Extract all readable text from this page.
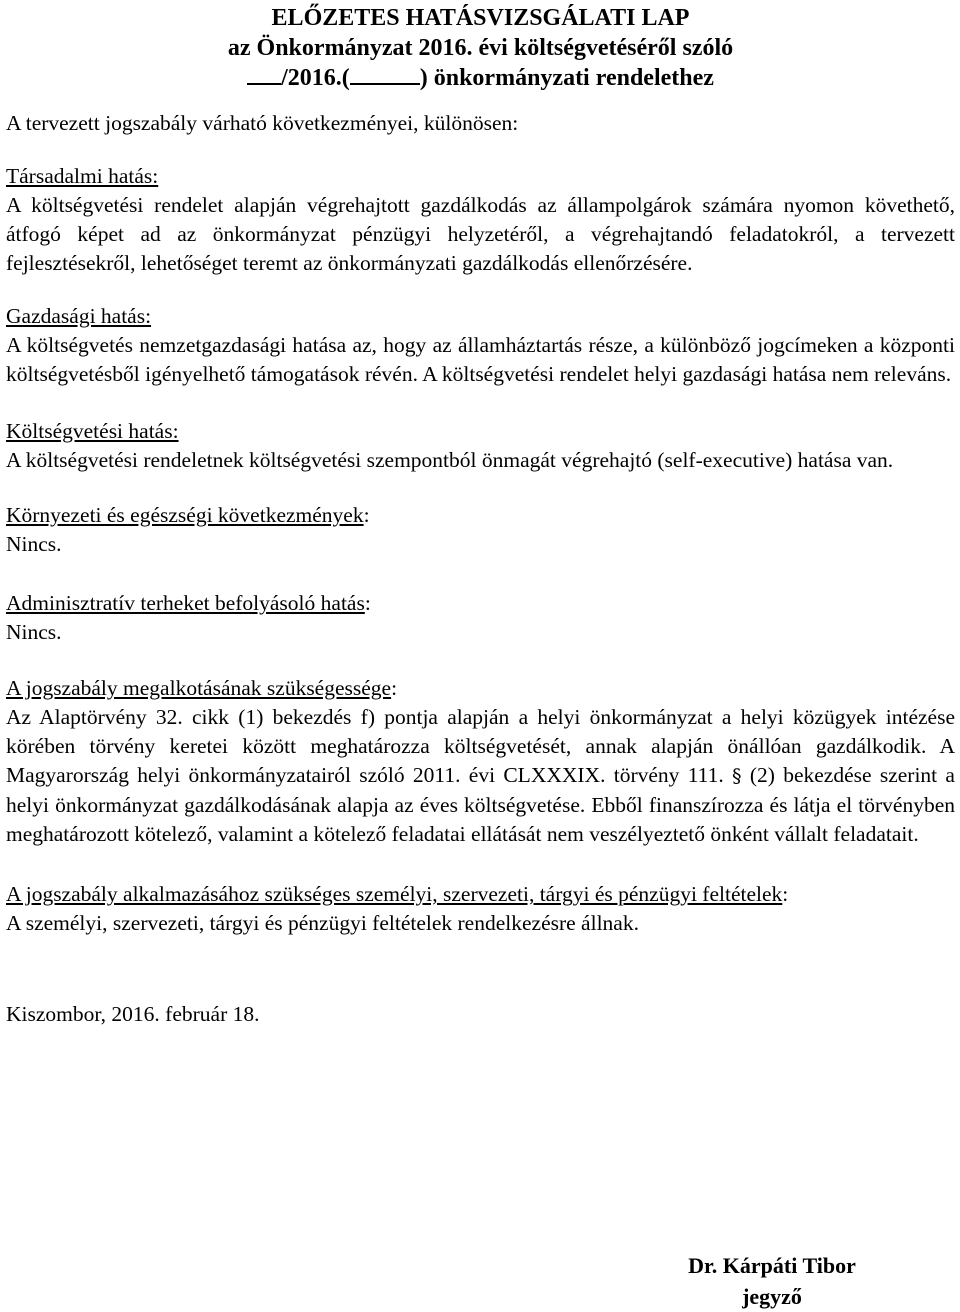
ELŐZETES HATÁSVIZSGÁLATI LAP
az Önkormányzat 2016. évi költségvetéséről szóló
/2016.(	) önkormányzati rendelethez

A tervezett jogszabály várható következményei, különösen:

Társadalmi hatás:

A költségvetési rendelet alapján végrehajtott gazdálkodás az állampolgárok számára nyomon követhető, átfogó képet ad az önkormányzat pénzügyi helyzetéről, a végrehajtandó feladatokról, a tervezett fejlesztésekről, lehetőséget teremt az önkormányzati gazdálkodás ellenőrzésére.

Gazdasági hatás:

A költségvetés nemzetgazdasági hatása az, hogy az államháztartás része, a különböző jogcímeken a központi költségvetésből igényelhető támogatások révén. A költségvetési rendelet helyi gazdasági hatása nem releváns.

Költségvetési hatás:

A költségvetési rendeletnek költségvetési szempontból önmagát végrehajtó (self-executive) hatása van.

Környezeti és egészségi következmények:

Nincs.

Adminisztratív terheket befolyásoló hatás:

Nincs.

A jogszabály megalkotásának szükségessége:

Az Alaptörvény 32. cikk (1) bekezdés f) pontja alapján a helyi önkormányzat a helyi közügyek intézése körében törvény keretei között meghatározza költségvetését, annak alapján önállóan gazdálkodik. A Magyarország helyi önkormányzatairól szóló 2011. évi CLXXXIX. törvény 111. § (2) bekezdése szerint a helyi önkormányzat gazdálkodásának alapja az éves költségvetése. Ebből finanszírozza és látja el törvényben meghatározott kötelező, valamint a kötelező feladatai ellátását nem veszélyeztető önként vállalt feladatait.

A jogszabály alkalmazásához szükséges személyi, szervezeti, tárgyi és pénzügyi feltételek:

A személyi, szervezeti, tárgyi és pénzügyi feltételek rendelkezésre állnak.

Kiszombor, 2016. február 18.
Dr. Kárpáti Tibor
jegyző
